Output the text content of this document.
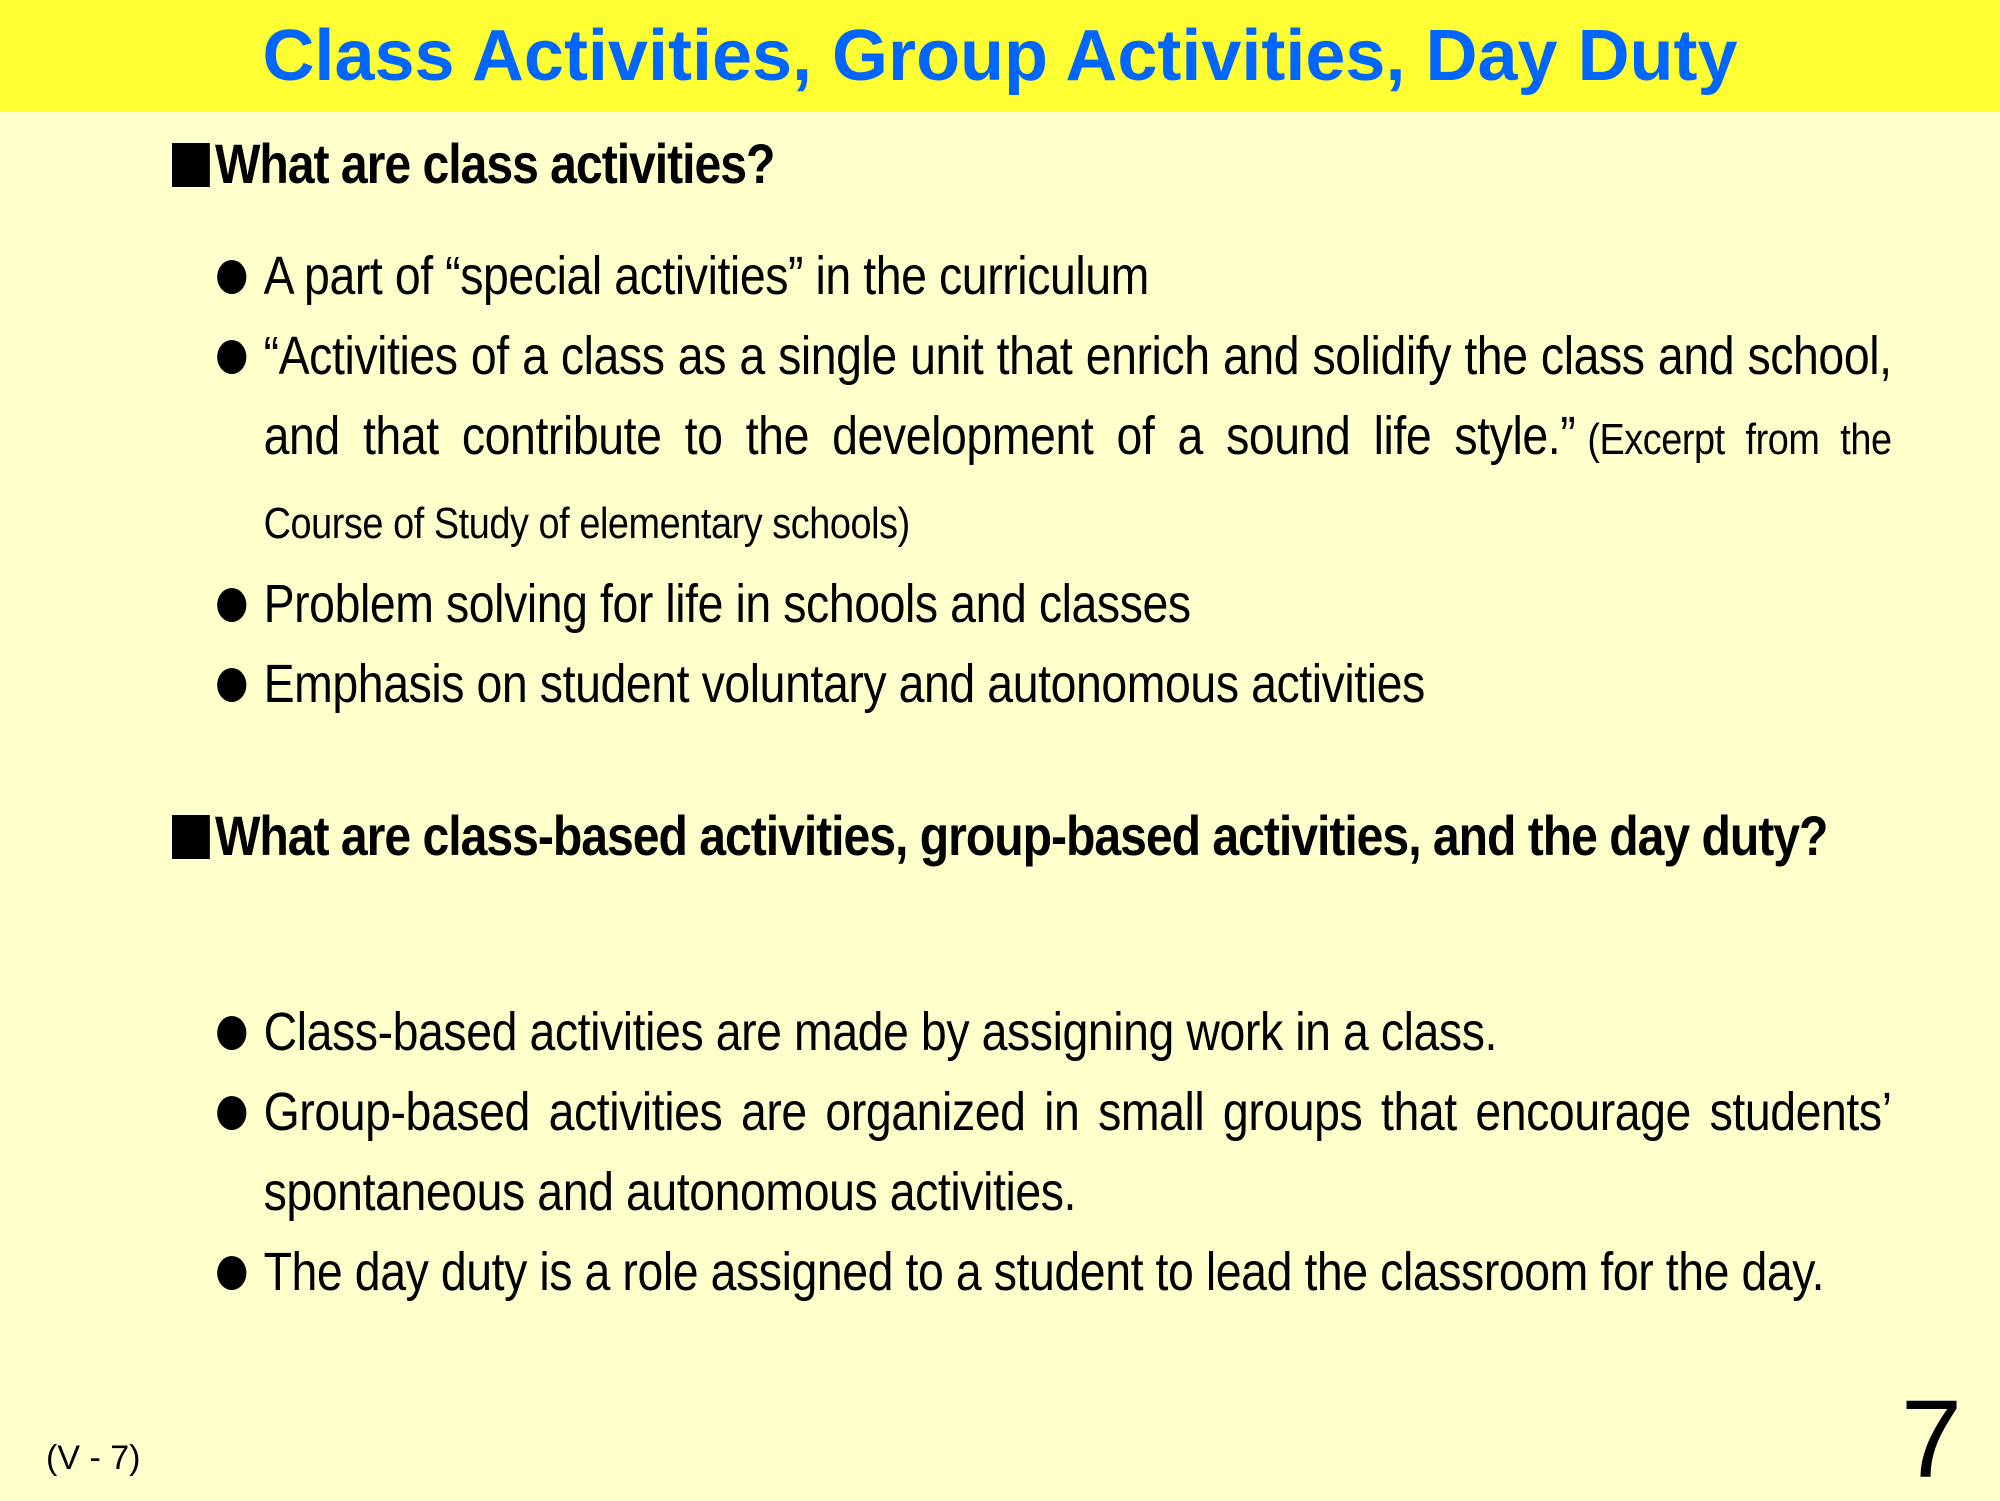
Class Activities, Group Activities, Day Duty
What are class activities?
A part of “special activities” in the curriculum
“Activities of a class as a single unit that enrich and solidify the class and school, and that contribute to the development of a sound life style.” (Excerpt from the Course of Study of elementary schools)
Problem solving for life in schools and classes
Emphasis on student voluntary and autonomous activities
What are class-based activities, group-based activities, and the day duty?
Class-based activities are made by assigning work in a class.
Group-based activities are organized in small groups that encourage students’ spontaneous and autonomous activities.
The day duty is a role assigned to a student to lead the classroom for the day.
(V - 7)	7
